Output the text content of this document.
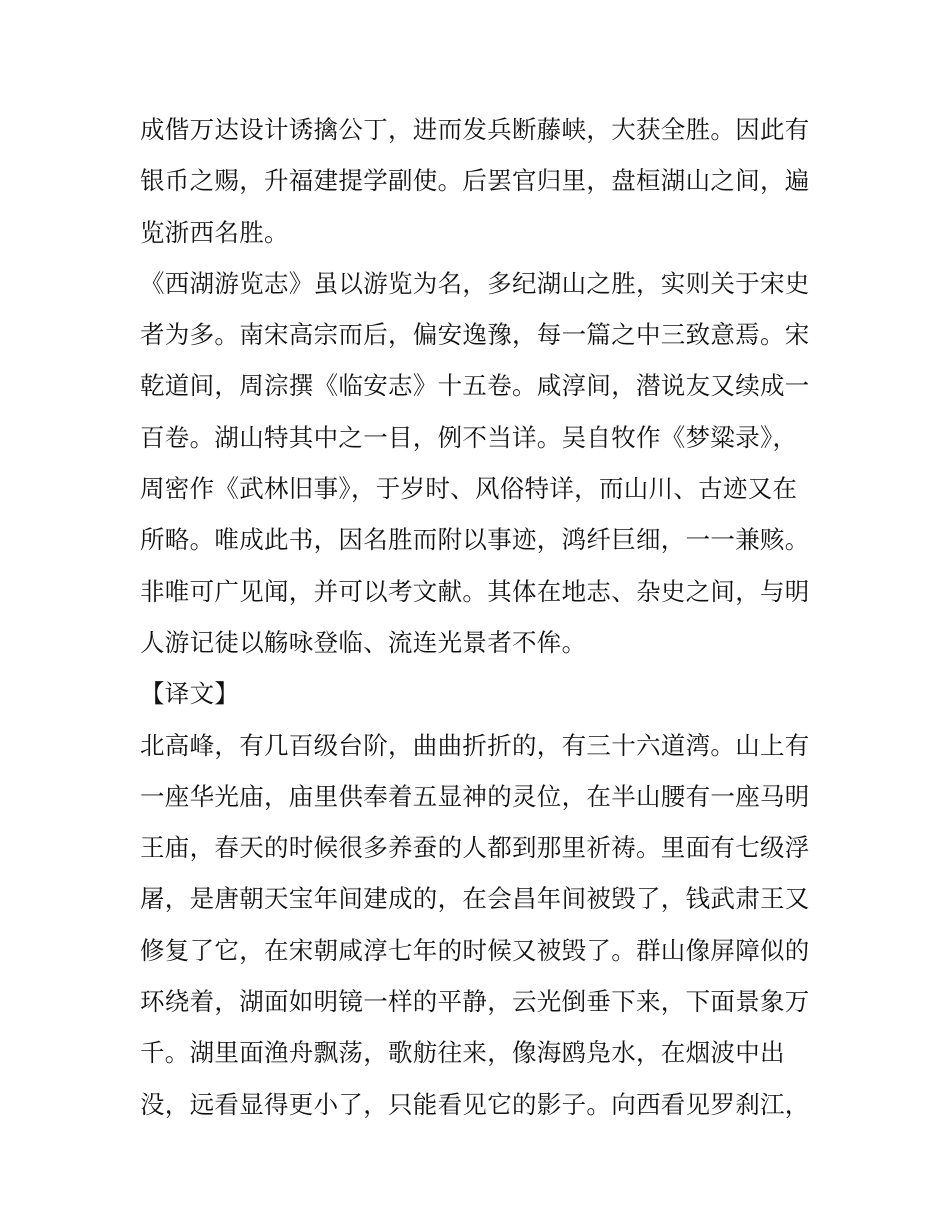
成偕万达设计诱擒公丁，进而发兵断藤峡，大获全胜。因此有
银币之赐，升福建提学副使。后罢官归里，盘桓湖山之间，遍
览浙西名胜。
《西湖游览志》虽以游览为名，多纪湖山之胜，实则关于宋史
者为多。南宋高宗而后，偏安逸豫，每一篇之中三致意焉。宋
乾道间，周淙撰《临安志》十五卷。咸淳间，潜说友又续成一
百卷。湖山特其中之一目，例不当详。吴自牧作《梦粱录》，
周密作《武林旧事》，于岁时、风俗特详，而山川、古迹又在
所略。唯成此书，因名胜而附以事迹，鸿纤巨细，一一兼赅。
非唯可广见闻，并可以考文献。其体在地志、杂史之间，与明
人游记徒以觞咏登临、流连光景者不侔。
【译文】
北高峰，有几百级台阶，曲曲折折的，有三十六道湾。山上有
一座华光庙，庙里供奉着五显神的灵位，在半山腰有一座马明
王庙，春天的时候很多养蚕的人都到那里祈祷。里面有七级浮
屠，是唐朝天宝年间建成的，在会昌年间被毁了，钱武肃王又
修复了它，在宋朝咸淳七年的时候又被毁了。群山像屏障似的
环绕着，湖面如明镜一样的平静，云光倒垂下来，下面景象万
千。湖里面渔舟飘荡，歌舫往来，像海鸥凫水，在烟波中出
没，远看显得更小了，只能看见它的影子。向西看见罗刹江，
